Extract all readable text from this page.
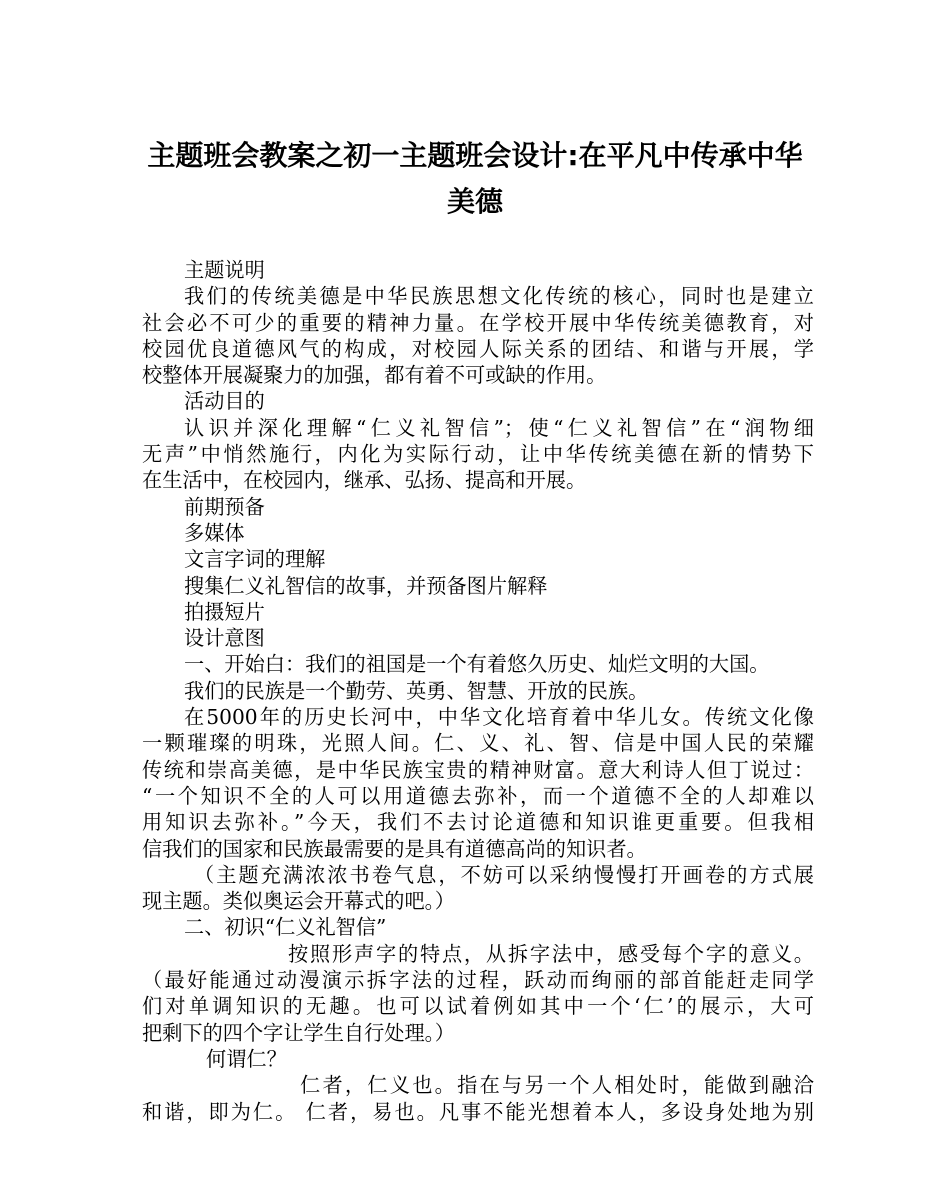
主题班会教案之初一主题班会设计:在平凡中传承中华
美德
主题说明
我们的传统美德是中华民族思想文化传统的核心，同时也是建立
社会必不可少的重要的精神力量。在学校开展中华传统美德教育，对
校园优良道德风气的构成，对校园人际关系的团结、和谐与开展，学
校整体开展凝聚力的加强，都有着不可或缺的作用。
活动目的
认识并深化理解“仁义礼智信”；使“仁义礼智信”在“润物细
无声”中悄然施行，内化为实际行动，让中华传统美德在新的情势下
在生活中，在校园内，继承、弘扬、提高和开展。
前期预备
多媒体
文言字词的理解
搜集仁义礼智信的故事，并预备图片解释
拍摄短片
设计意图
一、开始白：我们的祖国是一个有着悠久历史、灿烂文明的大国。
我们的民族是一个勤劳、英勇、智慧、开放的民族。
在5000年的历史长河中，中华文化培育着中华儿女。传统文化像
一颗璀璨的明珠，光照人间。仁、义、礼、智、信是中国人民的荣耀
传统和崇高美德，是中华民族宝贵的精神财富。意大利诗人但丁说过：
“一个知识不全的人可以用道德去弥补，而一个道德不全的人却难以
用知识去弥补。”今天，我们不去讨论道德和知识谁更重要。但我相
信我们的国家和民族最需要的是具有道德高尚的知识者。
（主题充满浓浓书卷气息，不妨可以采纳慢慢打开画卷的方式展
现主题。类似奥运会开幕式的吧。）
二、初识“仁义礼智信”
按照形声字的特点，从拆字法中，感受每个字的意义。
（最好能通过动漫演示拆字法的过程，跃动而绚丽的部首能赶走同学
们对单调知识的无趣。也可以试着例如其中一个‘仁’的展示，大可
把剩下的四个字让学生自行处理。）
何谓仁？
仁者，仁义也。指在与另一个人相处时，能做到融洽
和谐，即为仁。 仁者，易也。凡事不能光想着本人，多设身处地为别
